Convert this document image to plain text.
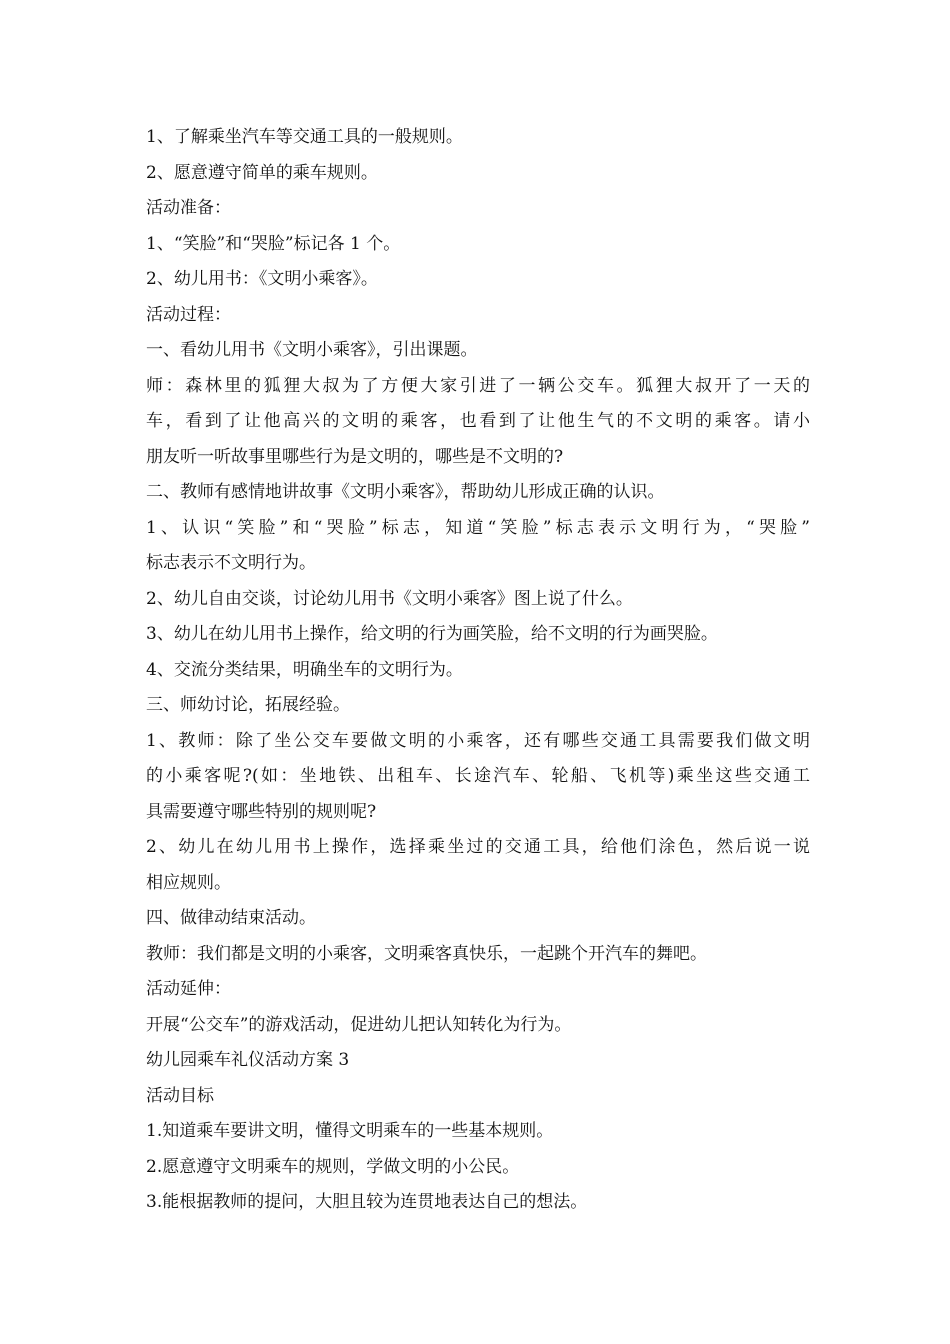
1、了解乘坐汽车等交通工具的一般规则。
2、愿意遵守简单的乘车规则。
活动准备：
1、“笑脸”和“哭脸”标记各 1 个。
2、幼儿用书：《文明小乘客》。
活动过程：
一、看幼儿用书《文明小乘客》，引出课题。
师：森林里的狐狸大叔为了方便大家引进了一辆公交车。狐狸大叔开了一天的
车，看到了让他高兴的文明的乘客，也看到了让他生气的不文明的乘客。请小
朋友听一听故事里哪些行为是文明的，哪些是不文明的?
二、教师有感情地讲故事《文明小乘客》，帮助幼儿形成正确的认识。
1、认识“笑脸”和“哭脸”标志，知道“笑脸”标志表示文明行为，“哭脸”
标志表示不文明行为。
2、幼儿自由交谈，讨论幼儿用书《文明小乘客》图上说了什么。
3、幼儿在幼儿用书上操作，给文明的行为画笑脸，给不文明的行为画哭脸。
4、交流分类结果，明确坐车的文明行为。
三、师幼讨论，拓展经验。
1、教师：除了坐公交车要做文明的小乘客，还有哪些交通工具需要我们做文明
的小乘客呢?(如：坐地铁、出租车、长途汽车、轮船、飞机等)乘坐这些交通工
具需要遵守哪些特别的规则呢?
2、幼儿在幼儿用书上操作，选择乘坐过的交通工具，给他们涂色，然后说一说
相应规则。
四、做律动结束活动。
教师：我们都是文明的小乘客，文明乘客真快乐，一起跳个开汽车的舞吧。
活动延伸：
开展“公交车”的游戏活动，促进幼儿把认知转化为行为。
幼儿园乘车礼仪活动方案 3
活动目标
1.知道乘车要讲文明，懂得文明乘车的一些基本规则。
2.愿意遵守文明乘车的规则，学做文明的小公民。
3.能根据教师的提问，大胆且较为连贯地表达自己的想法。
